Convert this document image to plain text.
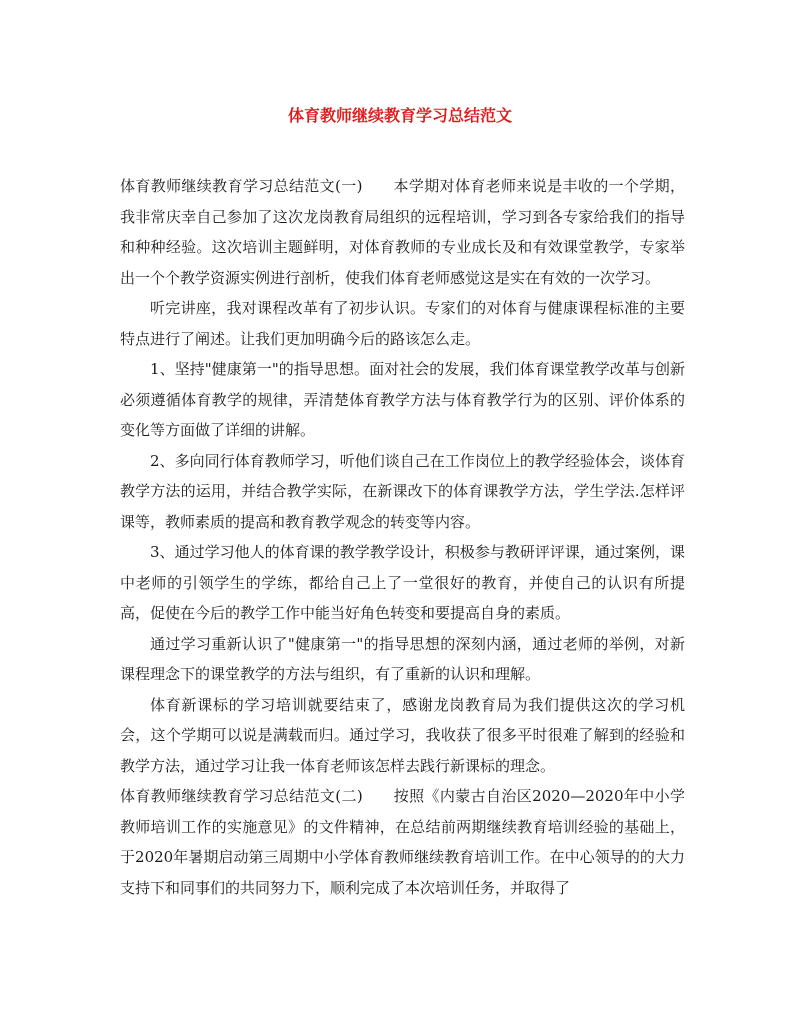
体育教师继续教育学习总结范文

体育教师继续教育学习总结范文(一)　　本学期对体育老师来说是丰收的一个学期，我非常庆幸自己参加了这次龙岗教育局组织的远程培训，学习到各专家给我们的指导和种种经验。这次培训主题鲜明，对体育教师的专业成长及和有效课堂教学，专家举出一个个教学资源实例进行剖析，使我们体育老师感觉这是实在有效的一次学习。

听完讲座，我对课程改革有了初步认识。专家们的对体育与健康课程标准的主要特点进行了阐述。让我们更加明确今后的路该怎么走。

1、坚持"健康第一"的指导思想。面对社会的发展，我们体育课堂教学改革与创新必须遵循体育教学的规律，弄清楚体育教学方法与体育教学行为的区别、评价体系的变化等方面做了详细的讲解。

2、多向同行体育教师学习，听他们谈自己在工作岗位上的教学经验体会，谈体育教学方法的运用，并结合教学实际，在新课改下的体育课教学方法，学生学法.怎样评课等，教师素质的提高和教育教学观念的转变等内容。

3、通过学习他人的体育课的教学教学设计，积极参与教研评评课，通过案例，课中老师的引领学生的学练，都给自己上了一堂很好的教育，并使自己的认识有所提高，促使在今后的教学工作中能当好角色转变和要提高自身的素质。

通过学习重新认识了"健康第一"的指导思想的深刻内涵，通过老师的举例，对新课程理念下的课堂教学的方法与组织，有了重新的认识和理解。

体育新课标的学习培训就要结束了，感谢龙岗教育局为我们提供这次的学习机会，这个学期可以说是满载而归。通过学习，我收获了很多平时很难了解到的经验和教学方法，通过学习让我一体育老师该怎样去践行新课标的理念。

体育教师继续教育学习总结范文(二)　　按照《内蒙古自治区2020—2020年中小学教师培训工作的实施意见》的文件精神，在总结前两期继续教育培训经验的基础上，于2020年暑期启动第三周期中小学体育教师继续教育培训工作。在中心领导的的大力支持下和同事们的共同努力下，顺利完成了本次培训任务，并取得了
